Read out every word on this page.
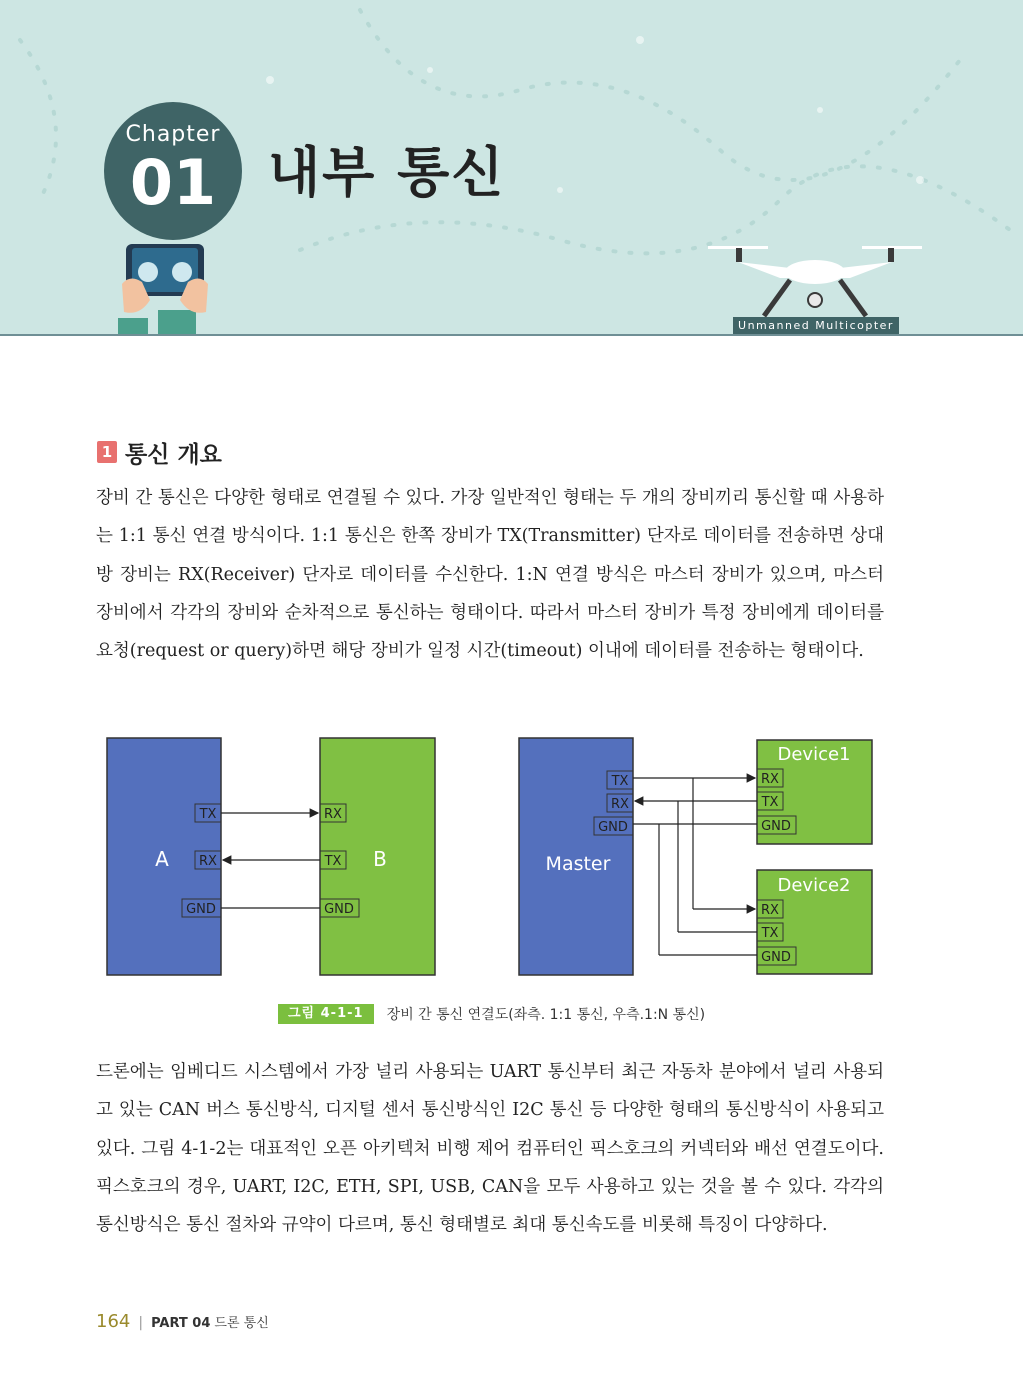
Chapter
01 내부 통신
Unmanned Multicopter
1 통신 개요

장비 간 통신은 다양한 형태로 연결될 수 있다. 가장 일반적인 형태는 두 개의 장비끼리 통신할 때 사용하는 1:1 통신 연결 방식이다. 1:1 통신은 한쪽 장비가 TX(Transmitter) 단자로 데이터를 전송하면 상대방 장비는 RX(Receiver) 단자로 데이터를 수신한다. 1:N 연결 방식은 마스터 장비가 있으며, 마스터 장비에서 각각의 장비와 순차적으로 통신하는 형태이다. 따라서 마스터 장비가 특정 장비에게 데이터를 요청(request or query)하면 해당 장비가 일정 시간(timeout) 이내에 데이터를 전송하는 형태이다.

A	B
TX
RX
GND
RX
TX
GND
Master
TX
RX
GND
Device1
RX
TX
GND
Device2
RX
TX
GND
그림 4-1-1 장비 간 통신 연결도(좌측. 1:1 통신, 우측.1:N 통신)

드론에는 임베디드 시스템에서 가장 널리 사용되는 UART 통신부터 최근 자동차 분야에서 널리 사용되고 있는 CAN 버스 통신방식, 디지털 센서 통신방식인 I2C 통신 등 다양한 형태의 통신방식이 사용되고 있다. 그림 4-1-2는 대표적인 오픈 아키텍처 비행 제어 컴퓨터인 픽스호크의 커넥터와 배선 연결도이다. 픽스호크의 경우, UART, I2C, ETH, SPI, USB, CAN을 모두 사용하고 있는 것을 볼 수 있다. 각각의 통신방식은 통신 절차와 규약이 다르며, 통신 형태별로 최대 통신속도를 비롯해 특징이 다양하다.

164 | PART 04 드론 통신
